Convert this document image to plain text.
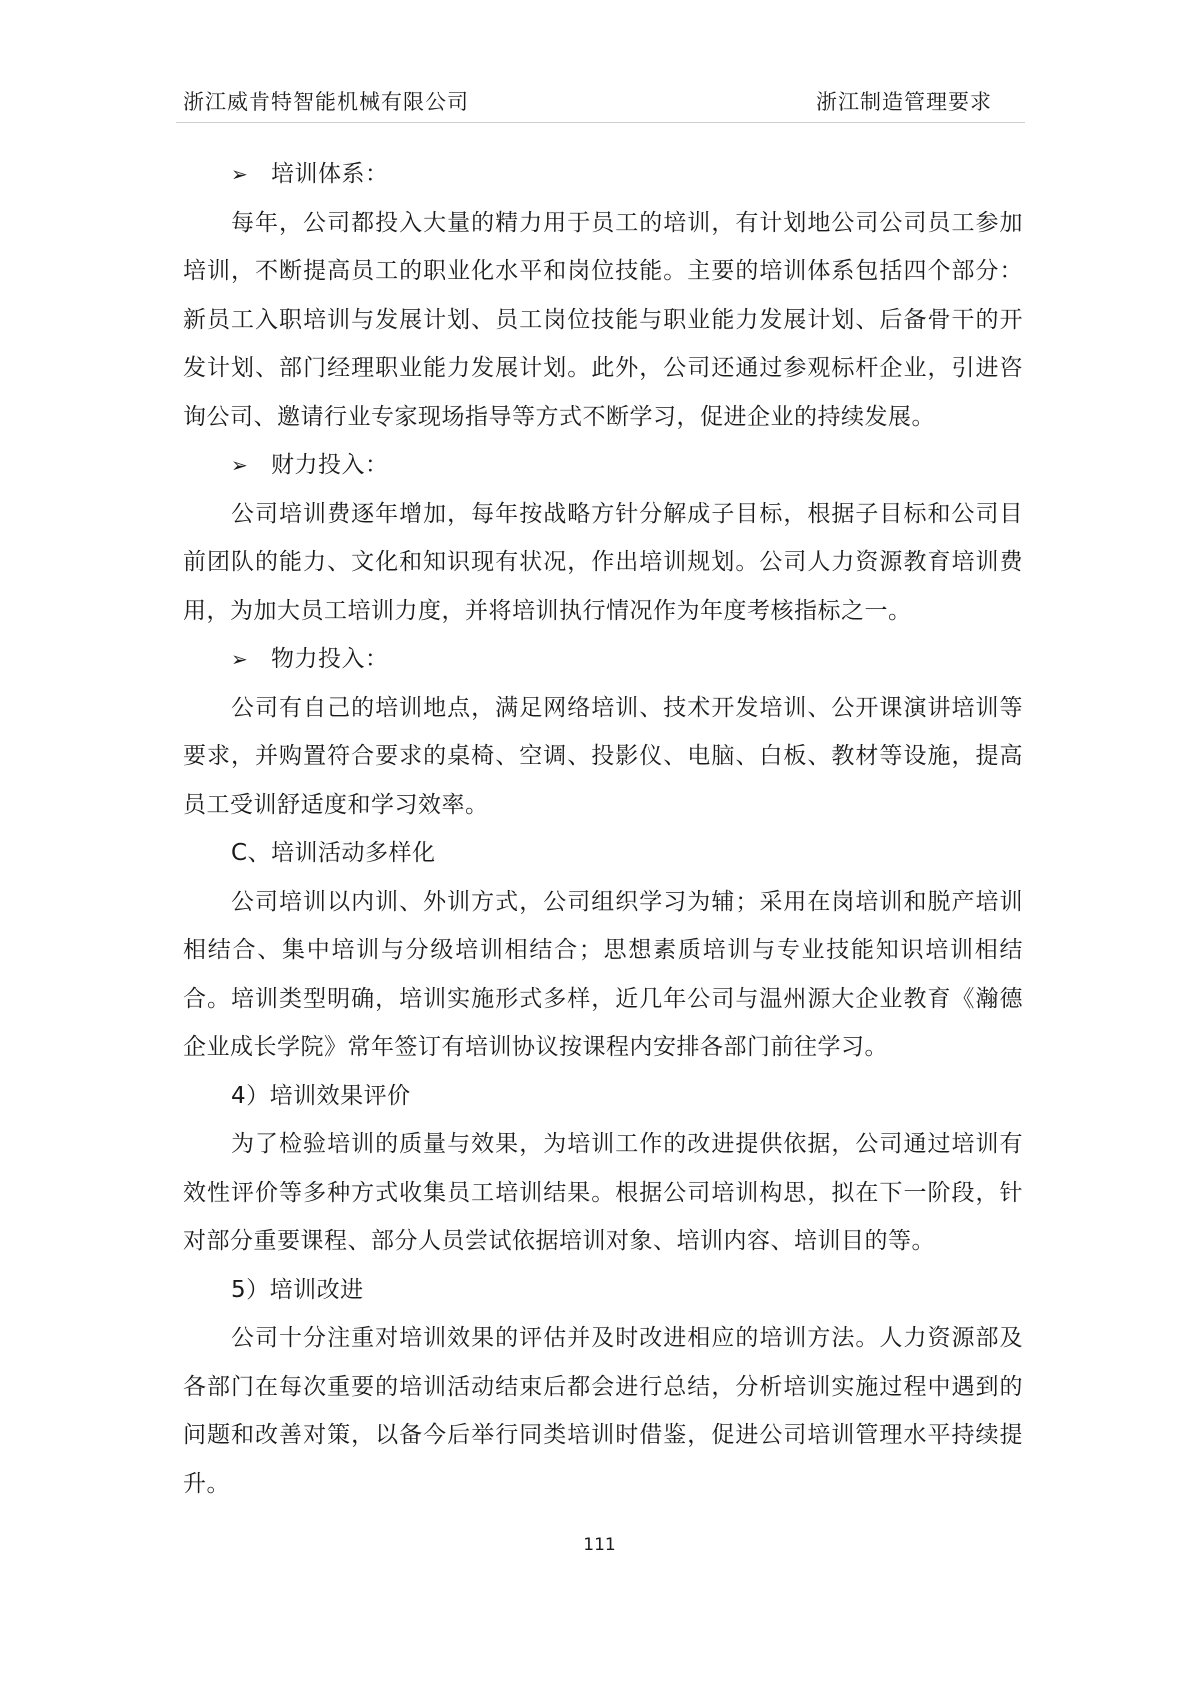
浙江威肯特智能机械有限公司	浙江制造管理要求

➢ 培训体系：

每年，公司都投入大量的精力用于员工的培训，有计划地公司公司员工参加培训，不断提高员工的职业化水平和岗位技能。主要的培训体系包括四个部分：新员工入职培训与发展计划、员工岗位技能与职业能力发展计划、后备骨干的开发计划、部门经理职业能力发展计划。此外，公司还通过参观标杆企业，引进咨询公司、邀请行业专家现场指导等方式不断学习，促进企业的持续发展。

➢ 财力投入：

公司培训费逐年增加，每年按战略方针分解成子目标，根据子目标和公司目前团队的能力、文化和知识现有状况，作出培训规划。公司人力资源教育培训费用，为加大员工培训力度，并将培训执行情况作为年度考核指标之一。

➢ 物力投入：

公司有自己的培训地点，满足网络培训、技术开发培训、公开课演讲培训等要求，并购置符合要求的桌椅、空调、投影仪、电脑、白板、教材等设施，提高员工受训舒适度和学习效率。

C、培训活动多样化

公司培训以内训、外训方式，公司组织学习为辅；采用在岗培训和脱产培训相结合、集中培训与分级培训相结合；思想素质培训与专业技能知识培训相结合。培训类型明确，培训实施形式多样，近几年公司与温州源大企业教育《瀚德企业成长学院》常年签订有培训协议按课程内安排各部门前往学习。

4）培训效果评价

为了检验培训的质量与效果，为培训工作的改进提供依据，公司通过培训有效性评价等多种方式收集员工培训结果。根据公司培训构思，拟在下一阶段，针对部分重要课程、部分人员尝试依据培训对象、培训内容、培训目的等。

5）培训改进

公司十分注重对培训效果的评估并及时改进相应的培训方法。人力资源部及各部门在每次重要的培训活动结束后都会进行总结，分析培训实施过程中遇到的问题和改善对策，以备今后举行同类培训时借鉴，促进公司培训管理水平持续提升。

111
